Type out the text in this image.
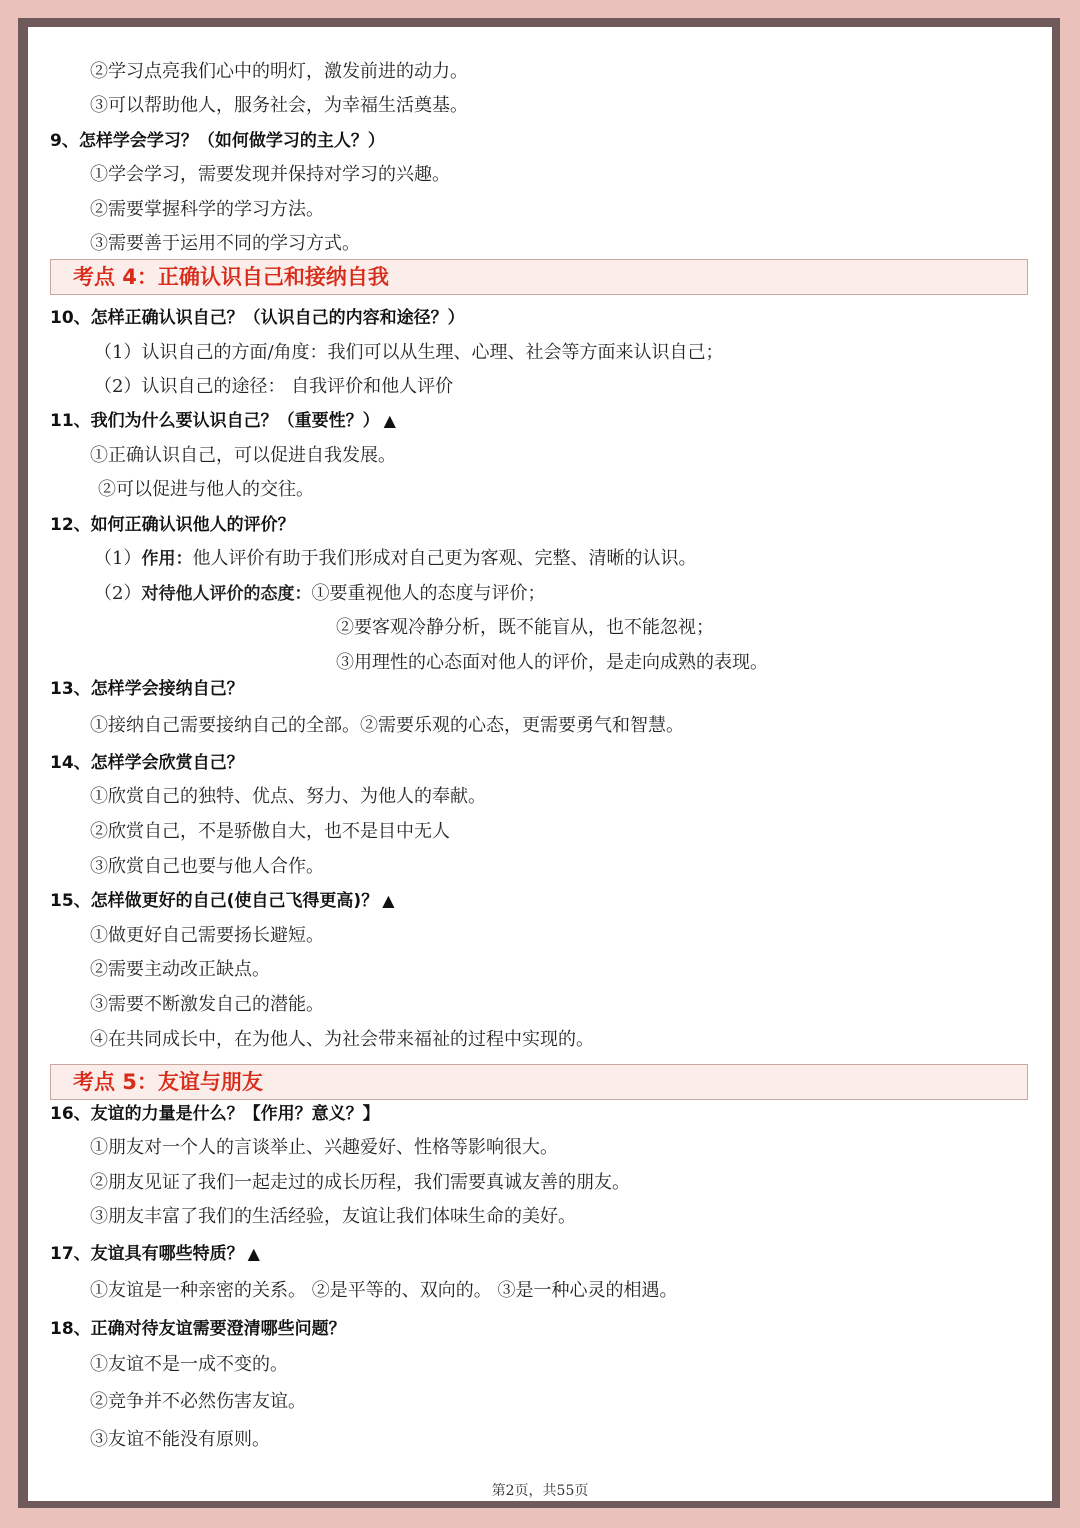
②学习点亮我们心中的明灯，激发前进的动力。
③可以帮助他人，服务社会，为幸福生活奠基。
9、怎样学会学习？（如何做学习的主人？）
①学会学习，需要发现并保持对学习的兴趣。
②需要掌握科学的学习方法。
③需要善于运用不同的学习方式。
考点 4：正确认识自己和接纳自我
10、怎样正确认识自己？（认识自己的内容和途径？）
（1）认识自己的方面/角度：我们可以从生理、心理、社会等方面来认识自己；
（2）认识自己的途径： 自我评价和他人评价
11、我们为什么要认识自己？（重要性？） ▲
①正确认识自己，可以促进自我发展。
②可以促进与他人的交往。
12、如何正确认识他人的评价？
（1）作用：他人评价有助于我们形成对自己更为客观、完整、清晰的认识。
（2）对待他人评价的态度：①要重视他人的态度与评价；
②要客观冷静分析，既不能盲从，也不能忽视；
③用理性的心态面对他人的评价，是走向成熟的表现。
13、怎样学会接纳自己？
①接纳自己需要接纳自己的全部。②需要乐观的心态，更需要勇气和智慧。
14、怎样学会欣赏自己？
①欣赏自己的独特、优点、努力、为他人的奉献。
②欣赏自己，不是骄傲自大，也不是目中无人
③欣赏自己也要与他人合作。
15、怎样做更好的自己(使自己飞得更高)？ ▲
①做更好自己需要扬长避短。
②需要主动改正缺点。
③需要不断激发自己的潜能。
④在共同成长中，在为他人、为社会带来福祉的过程中实现的。
考点 5：友谊与朋友
16、友谊的力量是什么？【作用？意义？】
①朋友对一个人的言谈举止、兴趣爱好、性格等影响很大。
②朋友见证了我们一起走过的成长历程，我们需要真诚友善的朋友。
③朋友丰富了我们的生活经验，友谊让我们体味生命的美好。
17、友谊具有哪些特质？ ▲
①友谊是一种亲密的关系。 ②是平等的、双向的。 ③是一种心灵的相遇。
18、正确对待友谊需要澄清哪些问题？
①友谊不是一成不变的。
②竞争并不必然伤害友谊。
③友谊不能没有原则。
第2页，共55页
